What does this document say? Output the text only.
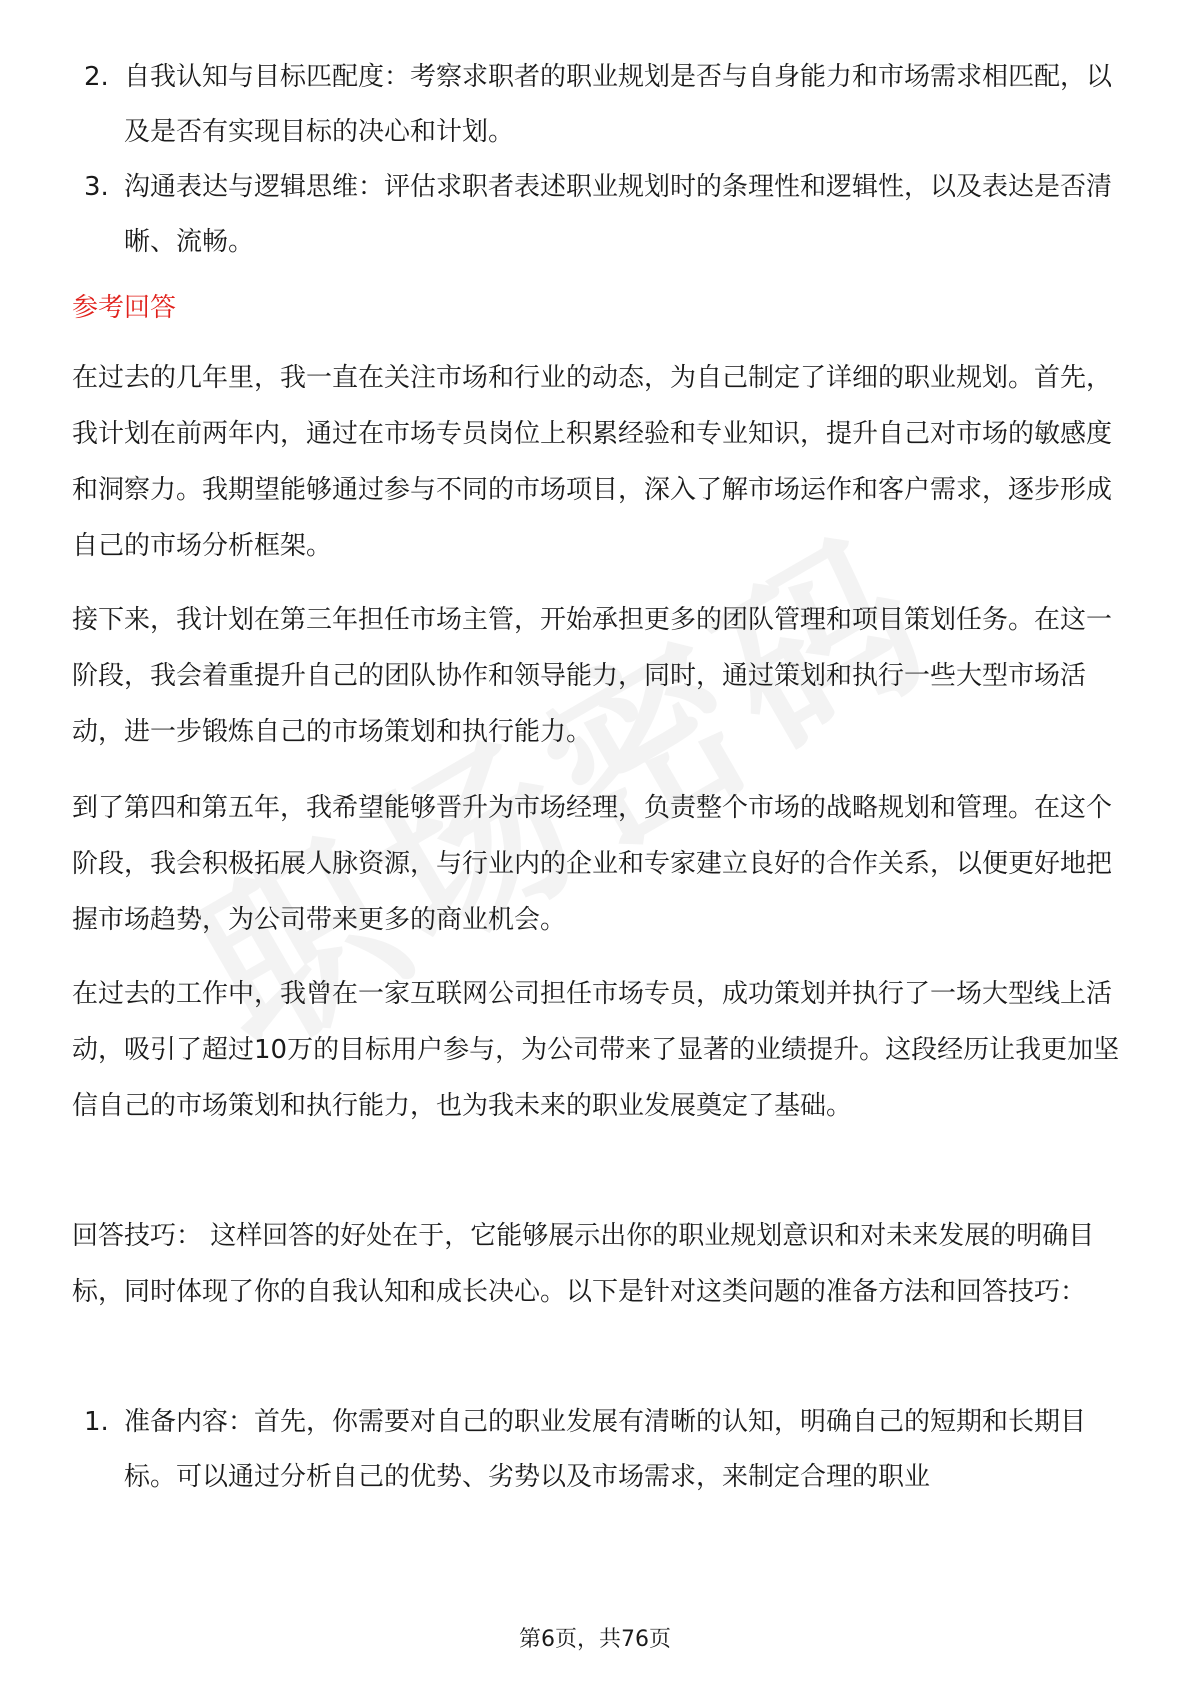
2. 自我认知与目标匹配度：考察求职者的职业规划是否与自身能力和市场需求相匹配，以及是否有实现目标的决心和计划。
3. 沟通表达与逻辑思维：评估求职者表述职业规划时的条理性和逻辑性，以及表达是否清晰、流畅。
参考回答

在过去的几年里，我一直在关注市场和行业的动态，为自己制定了详细的职业规划。首先，我计划在前两年内，通过在市场专员岗位上积累经验和专业知识，提升自己对市场的敏感度和洞察力。我期望能够通过参与不同的市场项目，深入了解市场运作和客户需求，逐步形成自己的市场分析框架。

接下来，我计划在第三年担任市场主管，开始承担更多的团队管理和项目策划任务。在这一阶段，我会着重提升自己的团队协作和领导能力，同时，通过策划和执行一些大型市场活动，进一步锻炼自己的市场策划和执行能力。

到了第四和第五年，我希望能够晋升为市场经理，负责整个市场的战略规划和管理。在这个阶段，我会积极拓展人脉资源，与行业内的企业和专家建立良好的合作关系，以便更好地把握市场趋势，为公司带来更多的商业机会。

在过去的工作中，我曾在一家互联网公司担任市场专员，成功策划并执行了一场大型线上活动，吸引了超过10万的目标用户参与，为公司带来了显著的业绩提升。这段经历让我更加坚信自己的市场策划和执行能力，也为我未来的职业发展奠定了基础。

回答技巧： 这样回答的好处在于，它能够展示出你的职业规划意识和对未来发展的明确目标，同时体现了你的自我认知和成长决心。以下是针对这类问题的准备方法和回答技巧：

1. 准备内容：首先，你需要对自己的职业发展有清晰的认知，明确自己的短期和长期目标。可以通过分析自己的优势、劣势以及市场需求，来制定合理的职业
第6页，共76页
